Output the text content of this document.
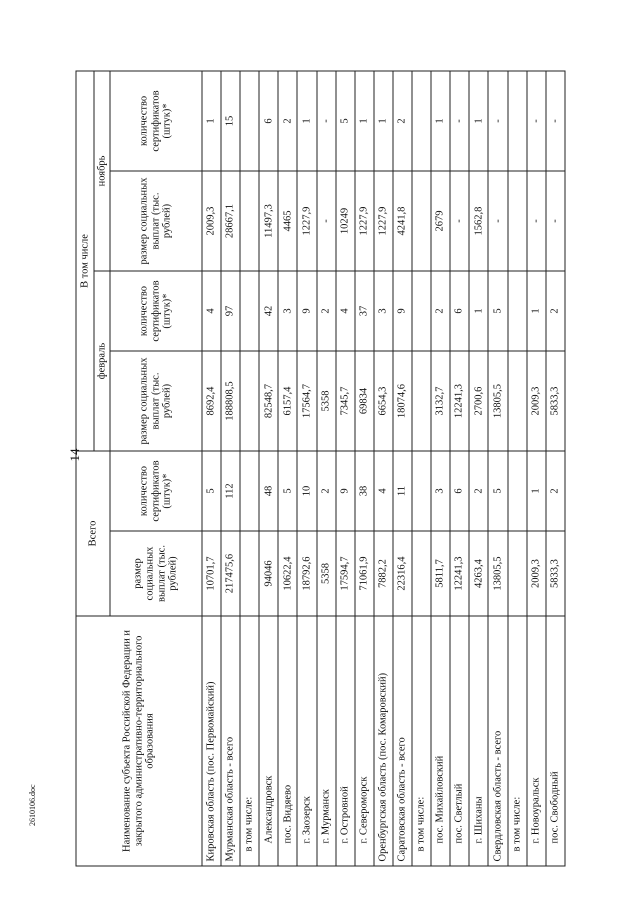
14
Наименование субъекта Российской Федерации и закрытого административно-территориального образования	Всего		В том числе			
			февраль		ноябрь	
	размер социальных выплат (тыс. рублей)	количество сертификатов (штук)*	размер социальных выплат (тыс. рублей)	количество сертификатов (штук)*	размер социальных выплат (тыс. рублей)	количество сертификатов (штук)*
Кировская область (пос. Первомайский)	10701,7	5	8692,4	4	2009,3	1
Мурманская область - всего	217475,6	112	188808,5	97	28667,1	15
в том числе:						
Александровск	94046	48	82548,7	42	11497,3	6
пос. Видяево	10622,4	5	6157,4	3	4465	2
г. Заозерск	18792,6	10	17564,7	9	1227,9	1
г. Мурманск	5358	2	5358	2	-	-
г. Островной	17594,7	9	7345,7	4	10249	5
г. Североморск	71061,9	38	69834	37	1227,9	1
Оренбургская область (пос. Комаровский)	7882,2	4	6654,3	3	1227,9	1
Саратовская область - всего	22316,4	11	18074,6	9	4241,8	2
в том числе:						
пос. Михайловский	5811,7	3	3132,7	2	2679	1
пос. Светлый	12241,3	6	12241,3	6	-	-
г. Шиханы	4263,4	2	2700,6	1	1562,8	1
Свердловская область - всего	13805,5	5	13805,5	5	-	-
в том числе:						
г. Новоуральск	2009,3	1	2009,3	1	-	-
пос. Свободный	5833,3	2	5833,3	2	-	-
2610106.doc
